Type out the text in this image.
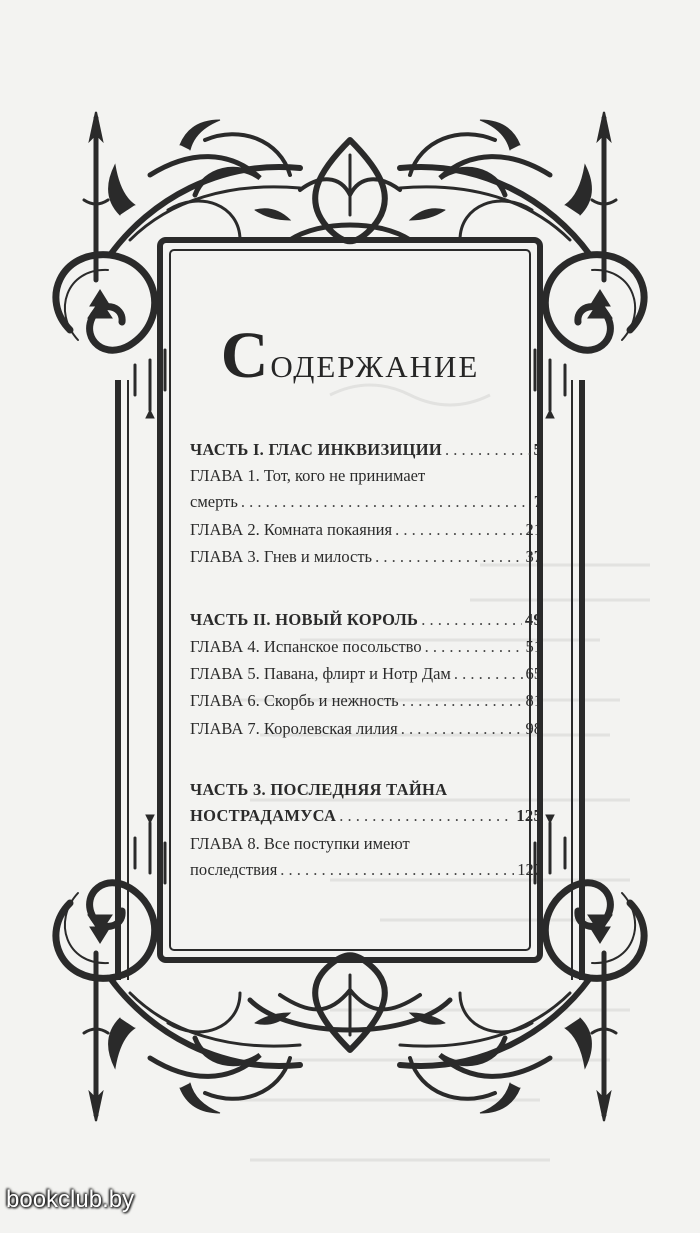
Содержание
ЧАСТЬ I. ГЛАС ИНКВИЗИЦИИ . . .	5
ГЛАВА 1. Тот, кого не принимает
смерть . . .	7
ГЛАВА 2. Комната покаяния . . .	21
ГЛАВА 3. Гнев и милость . . .	37
ЧАСТЬ II. НОВЫЙ КОРОЛЬ . . .	49
ГЛАВА 4. Испанское посольство . . .	51
ГЛАВА 5. Павана, флирт и Нотр Дам . . .	65
ГЛАВА 6. Скорбь и нежность . . .	81
ГЛАВА 7. Королевская лилия . . .	98
ЧАСТЬ 3. ПОСЛЕДНЯЯ ТАЙНА
НОСТРАДАМУСА . . .	125
ГЛАВА 8. Все поступки имеют
последствия . . .	127
bookclub.by
